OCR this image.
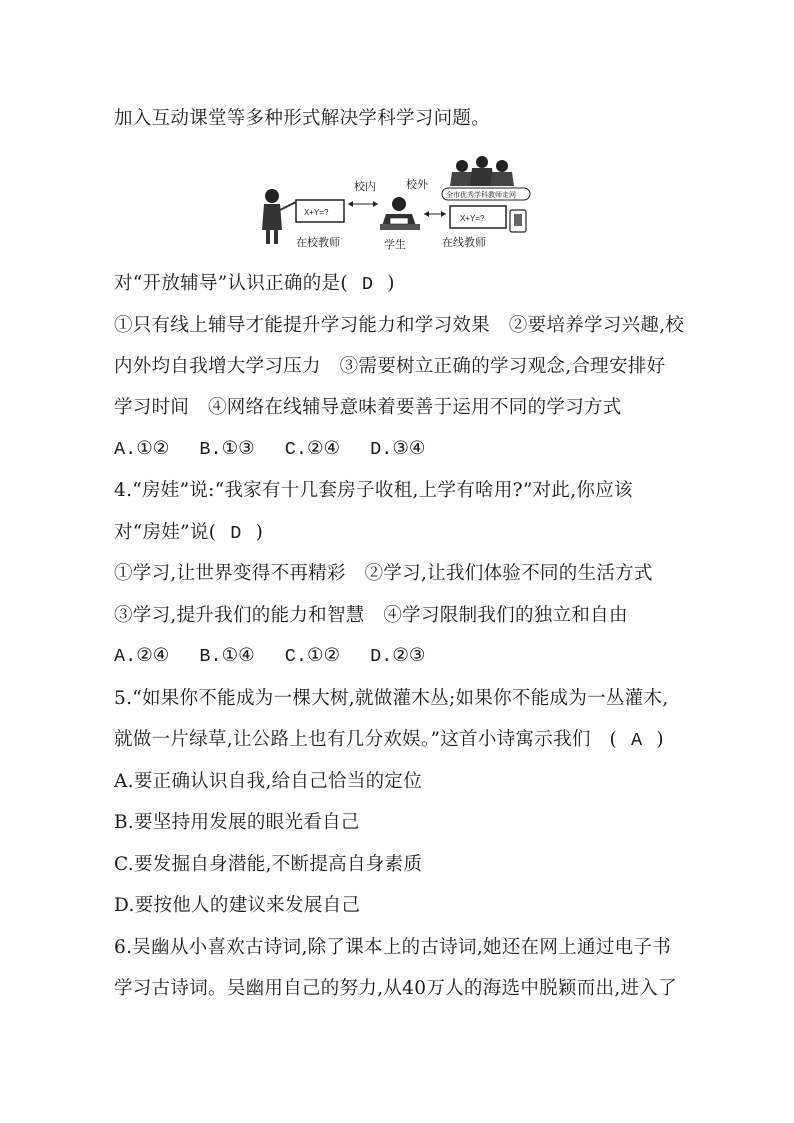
加入互动课堂等多种形式解决学科学习问题。
X+Y=?
校内
在校教师
校外
学生
全市优秀学科教师走网
X+Y=?
在线教师
对“开放辅导”认识正确的是( D )
①只有线上辅导才能提升学习能力和学习效果　②要培养学习兴趣,校
内外均自我增大学习压力　③需要树立正确的学习观念,合理安排好
学习时间　④网络在线辅导意味着要善于运用不同的学习方式
A.①② B.①③ C.②④ D.③④
4.“房娃”说:“我家有十几套房子收租,上学有啥用?”对此,你应该
对“房娃”说( D )
①学习,让世界变得不再精彩　②学习,让我们体验不同的生活方式
③学习,提升我们的能力和智慧　④学习限制我们的独立和自由
A.②④ B.①④ C.①② D.②③
5.“如果你不能成为一棵大树,就做灌木丛;如果你不能成为一丛灌木,
就做一片绿草,让公路上也有几分欢娱。”这首小诗寓示我们　( A )
A.要正确认识自我,给自己恰当的定位
B.要坚持用发展的眼光看自己
C.要发掘自身潜能,不断提高自身素质
D.要按他人的建议来发展自己
6.吴幽从小喜欢古诗词,除了课本上的古诗词,她还在网上通过电子书
学习古诗词。吴幽用自己的努力,从40万人的海选中脱颖而出,进入了
